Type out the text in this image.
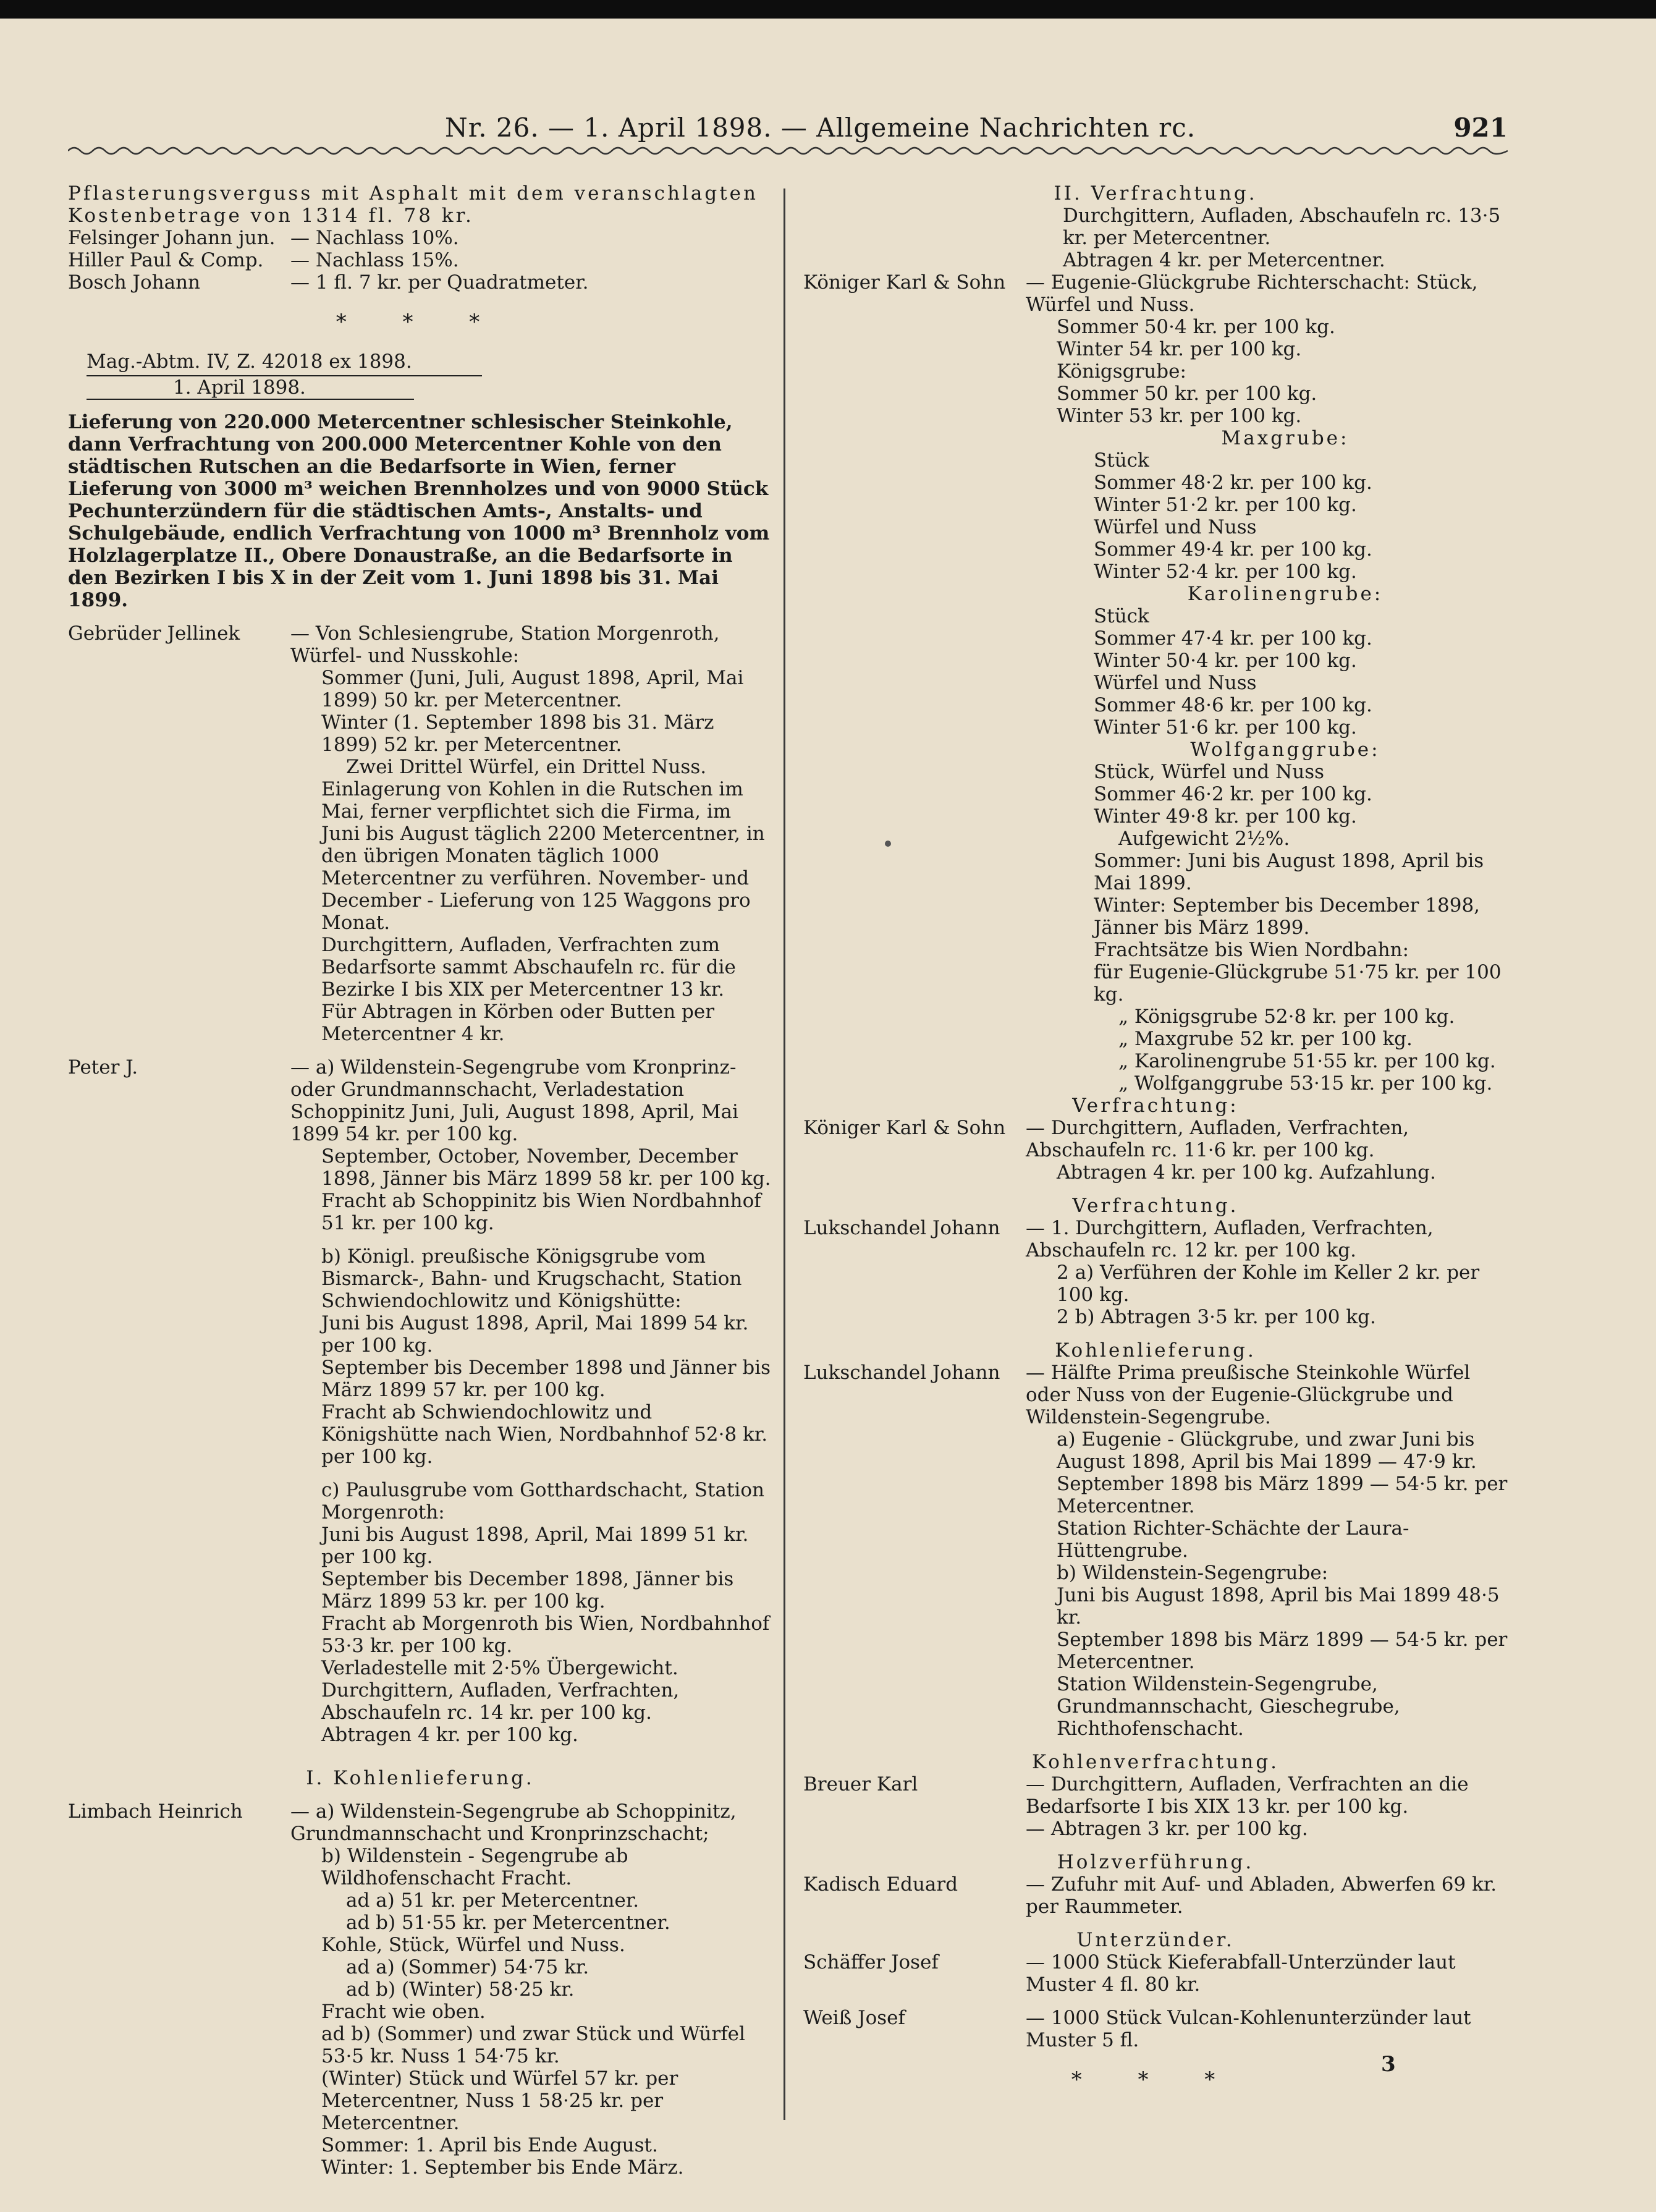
Nr. 26. — 1. April 1898. — Allgemeine Nachrichten rc.	921

Pflasterungsverguss mit Asphalt mit dem veranschlagten Kostenbetrage von 1314 fl. 78 kr.

Felsinger Johann jun. — Nachlass 10%.
Hiller Paul & Comp.	— Nachlass 15%.
Bosch Johann	— 1 fl. 7 kr. per Quadratmeter.
* * *
Mag.-Abtm. IV, Z. 42018 ex 1898.
1. April 1898.

Lieferung von 220.000 Metercentner schlesischer Steinkohle, dann Verfrachtung von 200.000 Metercentner Kohle von den städtischen Rutschen an die Bedarfsorte in Wien, ferner Lieferung von 3000 m³ weichen Brennholzes und von 9000 Stück Pechunterzündern für die städtischen Amts-, Anstalts- und Schulgebäude, endlich Verfrachtung von 1000 m³ Brennholz vom Holzlagerplatze II., Obere Donaustraße, an die Bedarfsorte in den Bezirken I bis X in der Zeit vom 1. Juni 1898 bis 31. Mai 1899.

Gebrüder Jellinek	— Von Schlesiengrube, Station Morgenroth, Würfel- und Nusskohle:
Sommer (Juni, Juli, August 1898, April, Mai 1899) 50 kr. per Metercentner.
Winter (1. September 1898 bis 31. März 1899) 52 kr. per Metercentner.
Zwei Drittel Würfel, ein Drittel Nuss.
Einlagerung von Kohlen in die Rutschen im Mai, ferner verpflichtet sich die Firma, im Juni bis August täglich 2200 Metercentner, in den übrigen Monaten täglich 1000 Metercentner zu verführen. November- und December - Lieferung von 125 Waggons pro Monat.
Durchgittern, Aufladen, Verfrachten zum Bedarfsorte sammt Abschaufeln rc. für die Bezirke I bis XIX per Metercentner 13 kr.
Für Abtragen in Körben oder Butten per Metercentner 4 kr.
Peter J.	— a) Wildenstein-Segengrube vom Kronprinz- oder Grundmannschacht, Verladestation Schoppinitz Juni, Juli, August 1898, April, Mai 1899 54 kr. per 100 kg.
September, October, November, December 1898, Jänner bis März 1899 58 kr. per 100 kg.
Fracht ab Schoppinitz bis Wien Nordbahnhof 51 kr. per 100 kg.
b) Königl. preußische Königsgrube vom Bismarck-, Bahn- und Krugschacht, Station Schwiendochlowitz und Königshütte:
Juni bis August 1898, April, Mai 1899 54 kr. per 100 kg.
September bis December 1898 und Jänner bis März 1899 57 kr. per 100 kg.
Fracht ab Schwiendochlowitz und Königshütte nach Wien, Nordbahnhof 52·8 kr. per 100 kg.
c) Paulusgrube vom Gotthardschacht, Station Morgenroth:
Juni bis August 1898, April, Mai 1899 51 kr. per 100 kg.
September bis December 1898, Jänner bis März 1899 53 kr. per 100 kg.
Fracht ab Morgenroth bis Wien, Nordbahnhof 53·3 kr. per 100 kg.
Verladestelle mit 2·5% Übergewicht.
Durchgittern, Aufladen, Verfrachten, Abschaufeln rc. 14 kr. per 100 kg.
Abtragen 4 kr. per 100 kg.
I. Kohlenlieferung.
Limbach Heinrich	— a) Wildenstein-Segengrube ab Schoppinitz, Grundmannschacht und Kronprinzschacht;
b) Wildenstein - Segengrube ab Wildhofenschacht Fracht.
ad a) 51 kr. per Metercentner.
ad b) 51·55 kr. per Metercentner.
Kohle, Stück, Würfel und Nuss.
ad a) (Sommer) 54·75 kr.
ad b) (Winter) 58·25 kr.
Fracht wie oben.
ad b) (Sommer) und zwar Stück und Würfel 53·5 kr. Nuss 1 54·75 kr.
(Winter) Stück und Würfel 57 kr. per Metercentner, Nuss 1 58·25 kr. per Metercentner.
Sommer: 1. April bis Ende August.
Winter: 1. September bis Ende März.
II. Verfrachtung.
Durchgittern, Aufladen, Abschaufeln rc. 13·5 kr. per Metercentner.
Abtragen 4 kr. per Metercentner.
Königer Karl & Sohn	— Eugenie-Glückgrube Richterschacht: Stück, Würfel und Nuss.
Sommer 50·4 kr. per 100 kg.
Winter 54 kr. per 100 kg.
Königsgrube:
Sommer 50 kr. per 100 kg.
Winter 53 kr. per 100 kg.
Maxgrube:
Stück
Sommer 48·2 kr. per 100 kg.
Winter 51·2 kr. per 100 kg.
Würfel und Nuss
Sommer 49·4 kr. per 100 kg.
Winter 52·4 kr. per 100 kg.
Karolinengrube:
Stück
Sommer 47·4 kr. per 100 kg.
Winter 50·4 kr. per 100 kg.
Würfel und Nuss
Sommer 48·6 kr. per 100 kg.
Winter 51·6 kr. per 100 kg.
Wolfganggrube:
Stück, Würfel und Nuss
Sommer 46·2 kr. per 100 kg.
Winter 49·8 kr. per 100 kg.
Aufgewicht 2½%.
Sommer: Juni bis August 1898, April bis Mai 1899.
Winter: September bis December 1898, Jänner bis März 1899.
Frachtsätze bis Wien Nordbahn:
für Eugenie-Glückgrube 51·75 kr. per 100 kg.
„ Königsgrube 52·8 kr. per 100 kg.
„ Maxgrube 52 kr. per 100 kg.
„ Karolinengrube 51·55 kr. per 100 kg.
„ Wolfganggrube 53·15 kr. per 100 kg.
Verfrachtung:
Königer Karl & Sohn	— Durchgittern, Aufladen, Verfrachten, Abschaufeln rc. 11·6 kr. per 100 kg.
Abtragen 4 kr. per 100 kg. Aufzahlung.
Verfrachtung.
Lukschandel Johann	— 1. Durchgittern, Aufladen, Verfrachten, Abschaufeln rc. 12 kr. per 100 kg.
2 a) Verführen der Kohle im Keller 2 kr. per 100 kg.
2 b) Abtragen 3·5 kr. per 100 kg.
Kohlenlieferung.
Lukschandel Johann	— Hälfte Prima preußische Steinkohle Würfel oder Nuss von der Eugenie-Glückgrube und Wildenstein-Segengrube.
a) Eugenie - Glückgrube, und zwar Juni bis August 1898, April bis Mai 1899 — 47·9 kr. September 1898 bis März 1899 — 54·5 kr. per Metercentner.
Station Richter-Schächte der Laura-Hüttengrube.
b) Wildenstein-Segengrube:
Juni bis August 1898, April bis Mai 1899 48·5 kr.
September 1898 bis März 1899 — 54·5 kr. per Metercentner.
Station Wildenstein-Segengrube, Grundmannschacht, Gieschegrube, Richthofenschacht.
Kohlenverfrachtung.
Breuer Karl	— Durchgittern, Aufladen, Verfrachten an die Bedarfsorte I bis XIX 13 kr. per 100 kg.
— Abtragen 3 kr. per 100 kg.
Holzverführung.
Kadisch Eduard	— Zufuhr mit Auf- und Abladen, Abwerfen 69 kr. per Raummeter.
Unterzünder.
Schäffer Josef	— 1000 Stück Kieferabfall-Unterzünder laut Muster 4 fl. 80 kr.
Weiß Josef	— 1000 Stück Vulcan-Kohlenunterzünder laut Muster 5 fl.
* * *
3
